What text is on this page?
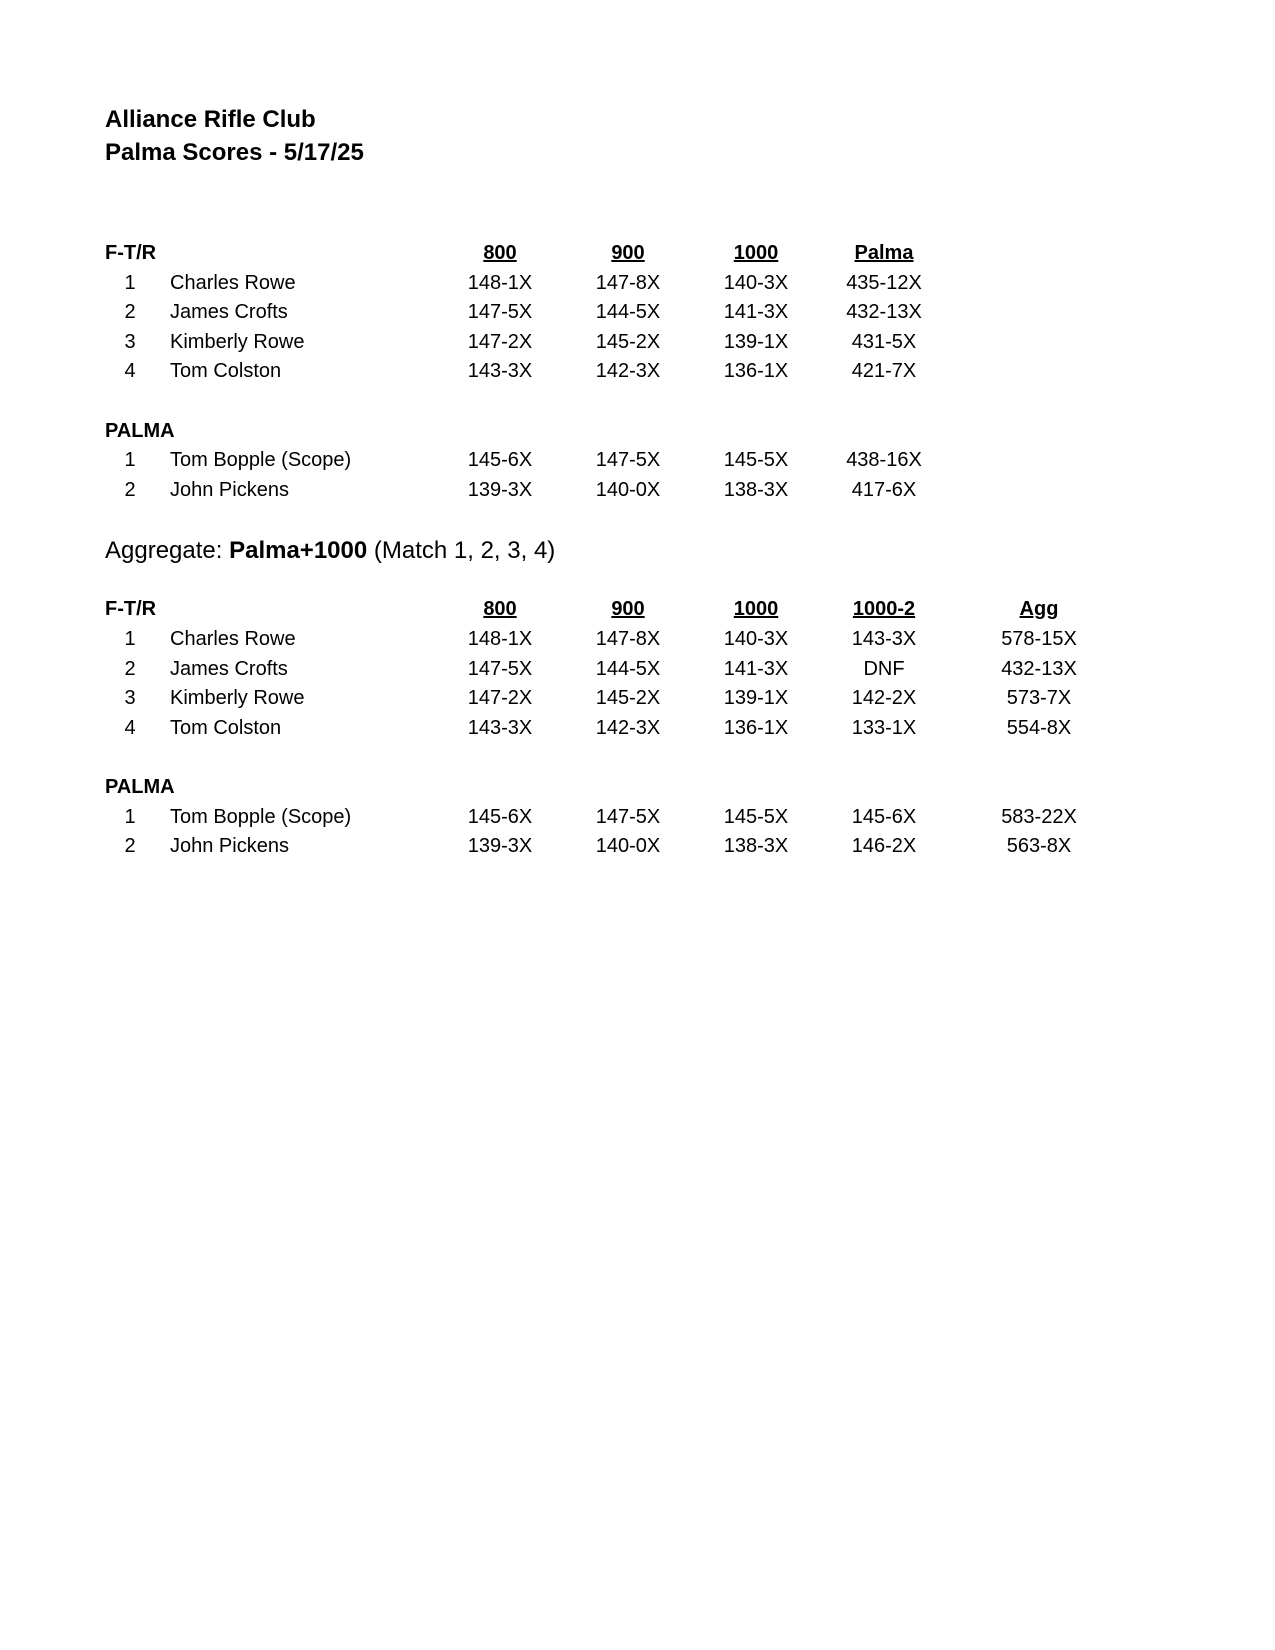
Alliance Rifle Club
Palma Scores - 5/17/25
F-T/R	800	900	1000	Palma
1	Charles Rowe	148-1X	147-8X	140-3X	435-12X
2	James Crofts	147-5X	144-5X	141-3X	432-13X
3	Kimberly Rowe	147-2X	145-2X	139-1X	431-5X
4	Tom Colston	143-3X	142-3X	136-1X	421-7X
PALMA
1	Tom Bopple (Scope)	145-6X	147-5X	145-5X	438-16X
2	John Pickens	139-3X	140-0X	138-3X	417-6X
Aggregate: Palma+1000 (Match 1, 2, 3, 4)
F-T/R	800	900	1000	1000-2	Agg
1	Charles Rowe	148-1X	147-8X	140-3X	143-3X	578-15X
2	James Crofts	147-5X	144-5X	141-3X	DNF	432-13X
3	Kimberly Rowe	147-2X	145-2X	139-1X	142-2X	573-7X
4	Tom Colston	143-3X	142-3X	136-1X	133-1X	554-8X
PALMA
1	Tom Bopple (Scope)	145-6X	147-5X	145-5X	145-6X	583-22X
2	John Pickens	139-3X	140-0X	138-3X	146-2X	563-8X
